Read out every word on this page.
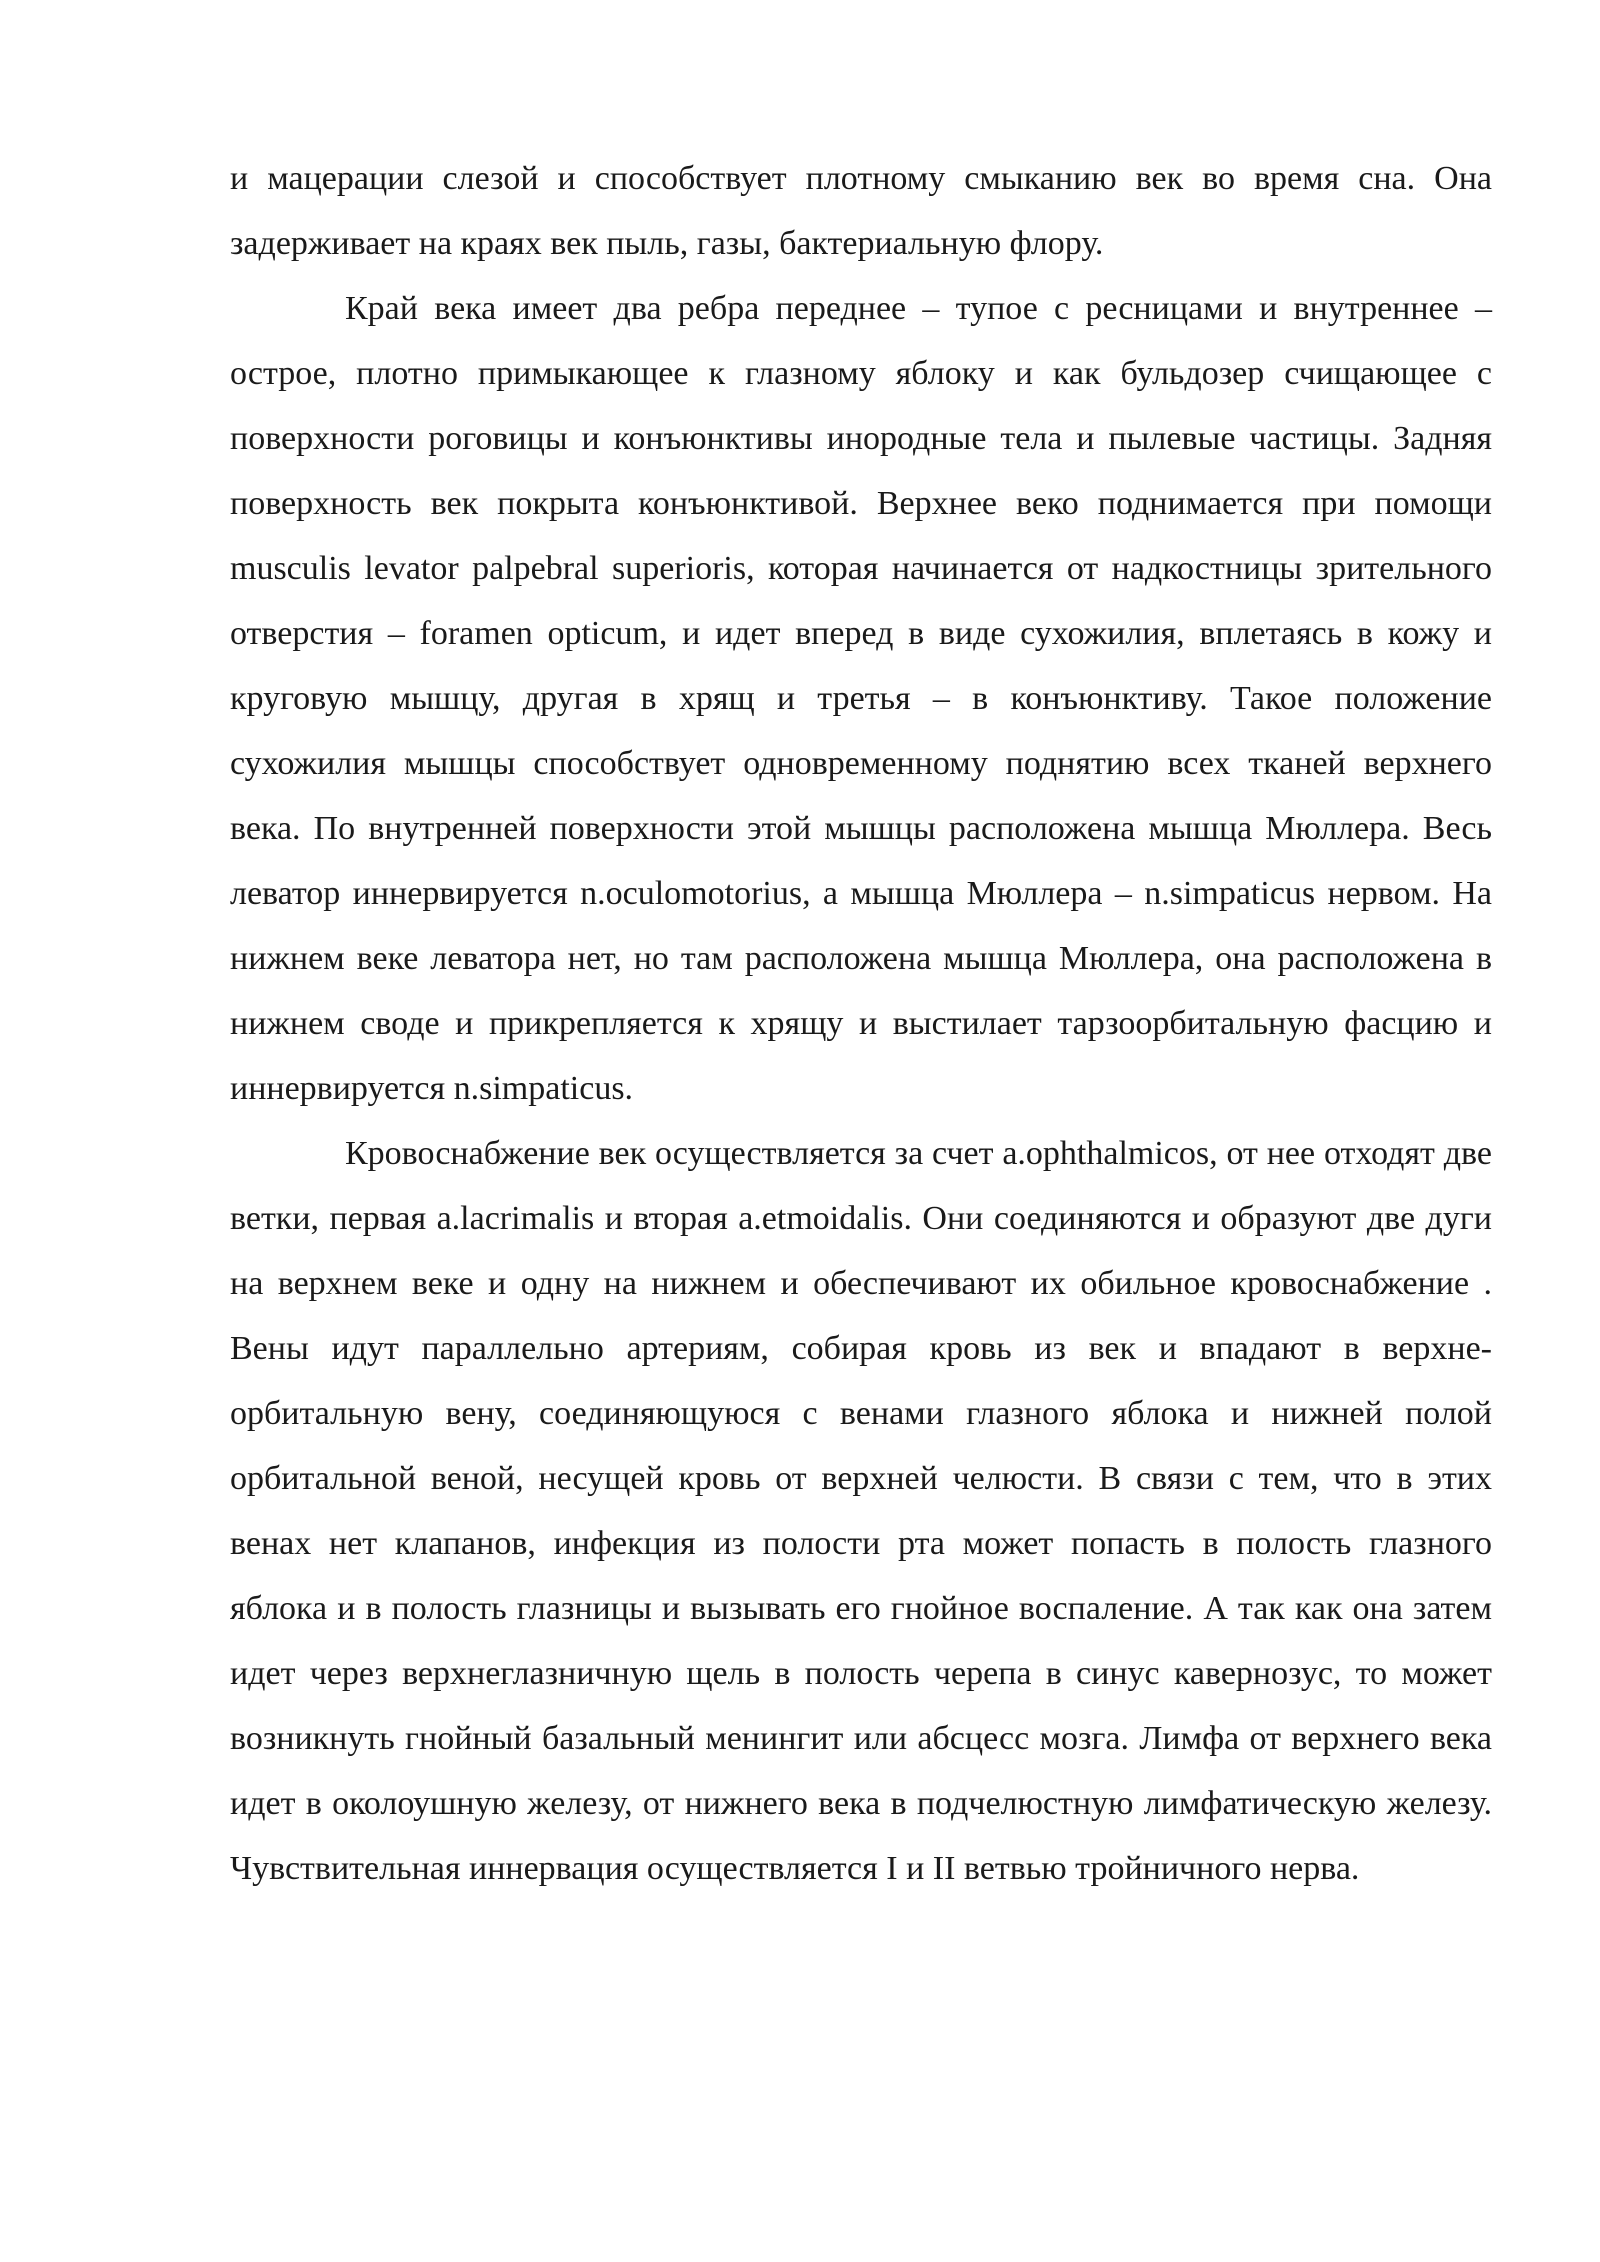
и мацерации слезой и способствует плотному смыканию век во время сна. Она задерживает на краях век пыль, газы, бактериальную флору.

Край века имеет два ребра переднее – тупое с ресницами и внутреннее – острое, плотно примыкающее к глазному яблоку и как бульдозер счищающее с поверхности роговицы и конъюнктивы инородные тела и пылевые частицы. Задняя поверхность век покрыта конъюнктивой. Верхнее веко поднимается при помощи musculis levator palpebral superioris, которая начинается от надкостницы зрительного отверстия – foramen opticum, и идет вперед в виде сухожилия, вплетаясь в кожу и круговую мышцу, другая в хрящ и третья – в конъюнктиву. Такое положение сухожилия мышцы способствует одновременному поднятию всех тканей верхнего века. По внутренней поверхности этой мышцы расположена мышца Мюллера. Весь леватор иннервируется n.oculomotorius, а мышца Мюллера – n.simpaticus нервом. На нижнем веке леватора нет, но там расположена мышца Мюллера, она расположена в нижнем своде и прикрепляется к хрящу и выстилает тарзоорбитальную фасцию и иннервируется n.simpaticus.

Кровоснабжение век осуществляется за счет a.ophthalmicos, от нее отходят две ветки, первая a.lacrimalis и вторая a.etmoidalis. Они соединяются и образуют две дуги на верхнем веке и одну на нижнем и обеспечивают их обильное кровоснабжение . Вены идут параллельно артериям, собирая кровь из век и впадают в верхне-орбитальную вену, соединяющуюся с венами глазного яблока и нижней полой орбитальной веной, несущей кровь от верхней челюсти. В связи с тем, что в этих венах нет клапанов, инфекция из полости рта может попасть в полость глазного яблока и в полость глазницы и вызывать его гнойное воспаление. А так как она затем идет через верхнеглазничную щель в полость черепа в синус кавернозус, то может возникнуть гнойный базальный менингит или абсцесс мозга. Лимфа от верхнего века идет в околоушную железу, от нижнего века в подчелюстную лимфатическую железу. Чувствительная иннервация осуществляется I и II ветвью тройничного нерва.
